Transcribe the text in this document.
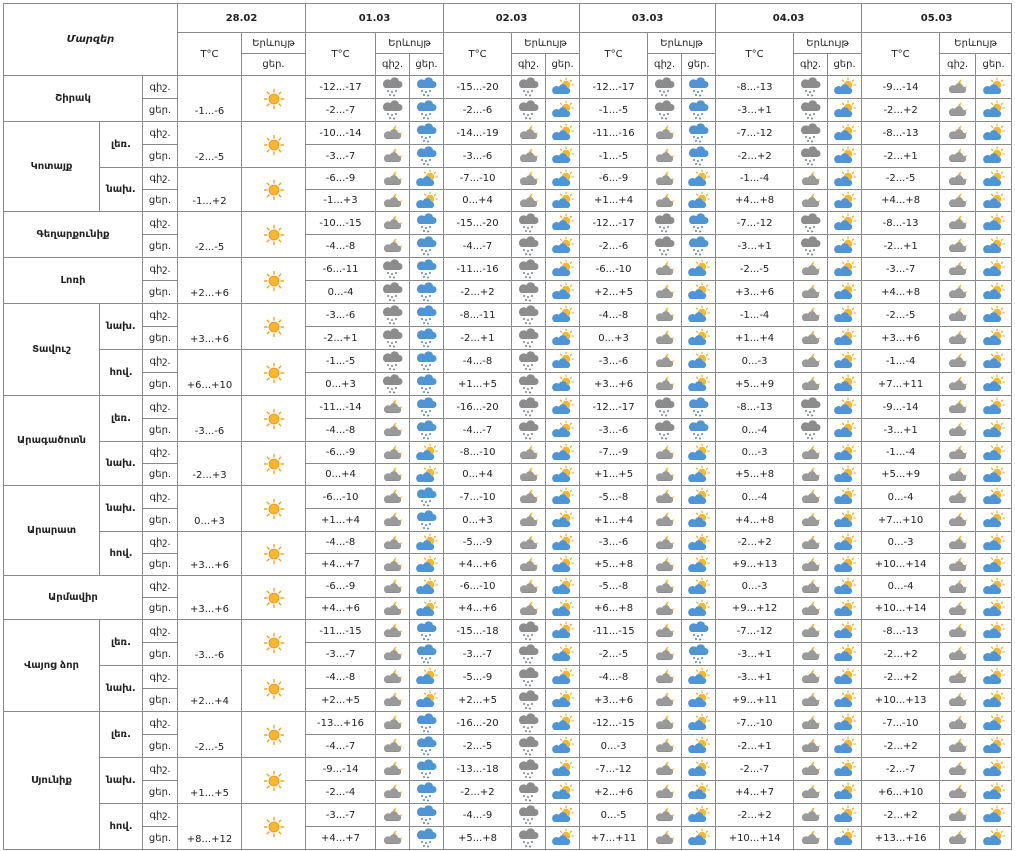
Մարզեր			28.02		01.03			02.03			03.03			04.03			05.03		
			T°C	Երևույթ	T°C	Երևույթ		T°C	Երևույթ		T°C	Երևույթ		T°C	Երևույթ		T°C	Երևույթ	
				ցեր.		գիշ.	ցեր.		գիշ.	ցեր.		գիշ.	ցեր.		գիշ.	ցեր.		գիշ.	ցեր.
Շիրակ		գիշ.	-1...-6		-12...-17			-15...-20			-12...-17			-8...-13			-9...-14	

		ցեր.			-2...-7			-2...-6			-1...-5			-3...+1			-2...+2	

Կոտայք	լեռ.	գիշ.	-2...-5		-10...-14			-14...-19			-11...-16			-7...-12			-8...-13	

		ցեր.			-3...-7			-3...-6			-1...-5			-2...+2			-2...+1	

	նախ.	գիշ.	-1...+2		-6...-9			-7...-10			-6...-9			-1...-4			-2...-5	

		ցեր.			-1...+3			0...+4			+1...+4			+4...+8			+4...+8	

Գեղարքունիք		գիշ.	-2...-5		-10...-15			-15...-20			-12...-17			-7...-12			-8...-13	

		ցեր.			-4...-8			-4...-7			-2...-6			-3...+1			-2...+1	

Լոռի		գիշ.	+2...+6		-6...-11			-11...-16			-6...-10			-2...-5			-3...-7	

		ցեր.			0...-4			-2...+2			+2...+5			+3...+6			+4...+8	

Տավուշ	նախ.	գիշ.	+3...+6		-3...-6			-8...-11			-4...-8			-1...-4			-2...-5	

		ցեր.			-2...+1			-2...+1			0...+3			+1...+4			+3...+6	

	հով.	գիշ.	+6...+10		-1...-5			-4...-8			-3...-6			0...-3			-1...-4	

		ցեր.			0...+3			+1...+5			+3...+6			+5...+9			+7...+11	

Արագածոտն	լեռ.	գիշ.	-3...-6		-11...-14			-16...-20			-12...-17			-8...-13			-9...-14	

		ցեր.			-4...-8			-4...-7			-3...-6			0...-4			-3...+1	

	նախ.	գիշ.	-2...+3		-6...-9			-8...-10			-7...-9			0...-3			-1...-4	

		ցեր.			0...+4			0...+4			+1...+5			+5...+8			+5...+9	

Արարատ	նախ.	գիշ.	0...+3		-6...-10			-7...-10			-5...-8			0...-4			0...-4	

		ցեր.			+1...+4			0...+3			+1...+4			+4...+8			+7...+10	

	հով.	գիշ.	+3...+6		-4...-8			-5...-9			-3...-6			-2...+2			0...-3	

		ցեր.			+4...+7			+4...+6			+5...+8			+9...+13			+10...+14	

Արմավիր		գիշ.	+3...+6		-6...-9			-6...-10			-5...-8			0...-3			0...-4	

		ցեր.			+4...+6			+4...+6			+6...+8			+9...+12			+10...+14	

Վայոց ձոր	լեռ.	գիշ.	-3...-6		-11...-15			-15...-18			-11...-15			-7...-12			-8...-13	

		ցեր.			-3...-7			-3...-7			-2...-5			-3...+1			-2...+2	

	նախ.	գիշ.	+2...+4		-4...-8			-5...-9			-4...-8			-3...+1			-2...+2	

		ցեր.			+2...+5			+2...+5			+3...+6			+9...+11			+10...+13	

Սյունիք	լեռ.	գիշ.	-2...-5		-13...+16			-16...-20			-12...-15			-7...-10			-7...-10	

		ցեր.			-4...-7			-2...-5			0...-3			-2...+1			-2...+2	

	նախ.	գիշ.	+1...+5		-9...-14			-13...-18			-7...-12			-2...-7			-2...-7	

		ցեր.			-2...-4			-2...+2			+2...+6			+4...+7			+6...+10	

	հով.	գիշ.	+8...+12		-3...-7			-4...-9			0...-5			-2...+2			-2...+2	

		ցեր.			+4...+7			+5...+8			+7...+11			+10...+14			+13...+16	
